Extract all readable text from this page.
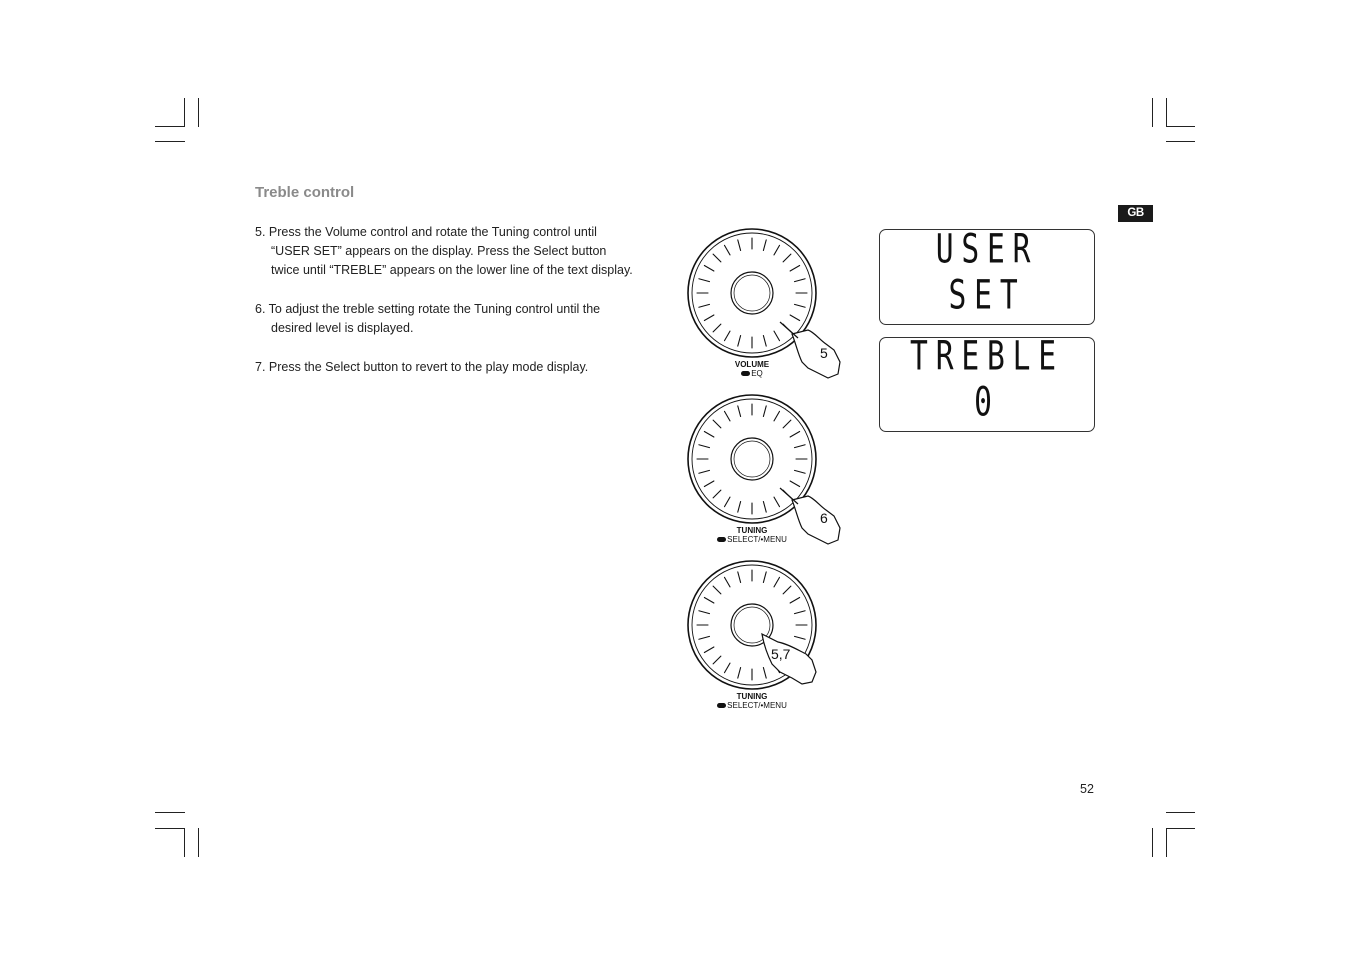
Treble control
5. Press the Volume control and rotate the Tuning control until
“USER SET” appears on the display. Press the Select button
twice until “TREBLE” appears on the lower line of the text display.
6. To adjust the treble setting rotate the Tuning control until the
desired level is displayed.
7. Press the Select button to revert to the play mode display.
GB
USER SET
TREBLE 0
5
VOLUME
EQ
6
TUNING
SELECT/•MENU
5,7
TUNING
SELECT/•MENU
52
